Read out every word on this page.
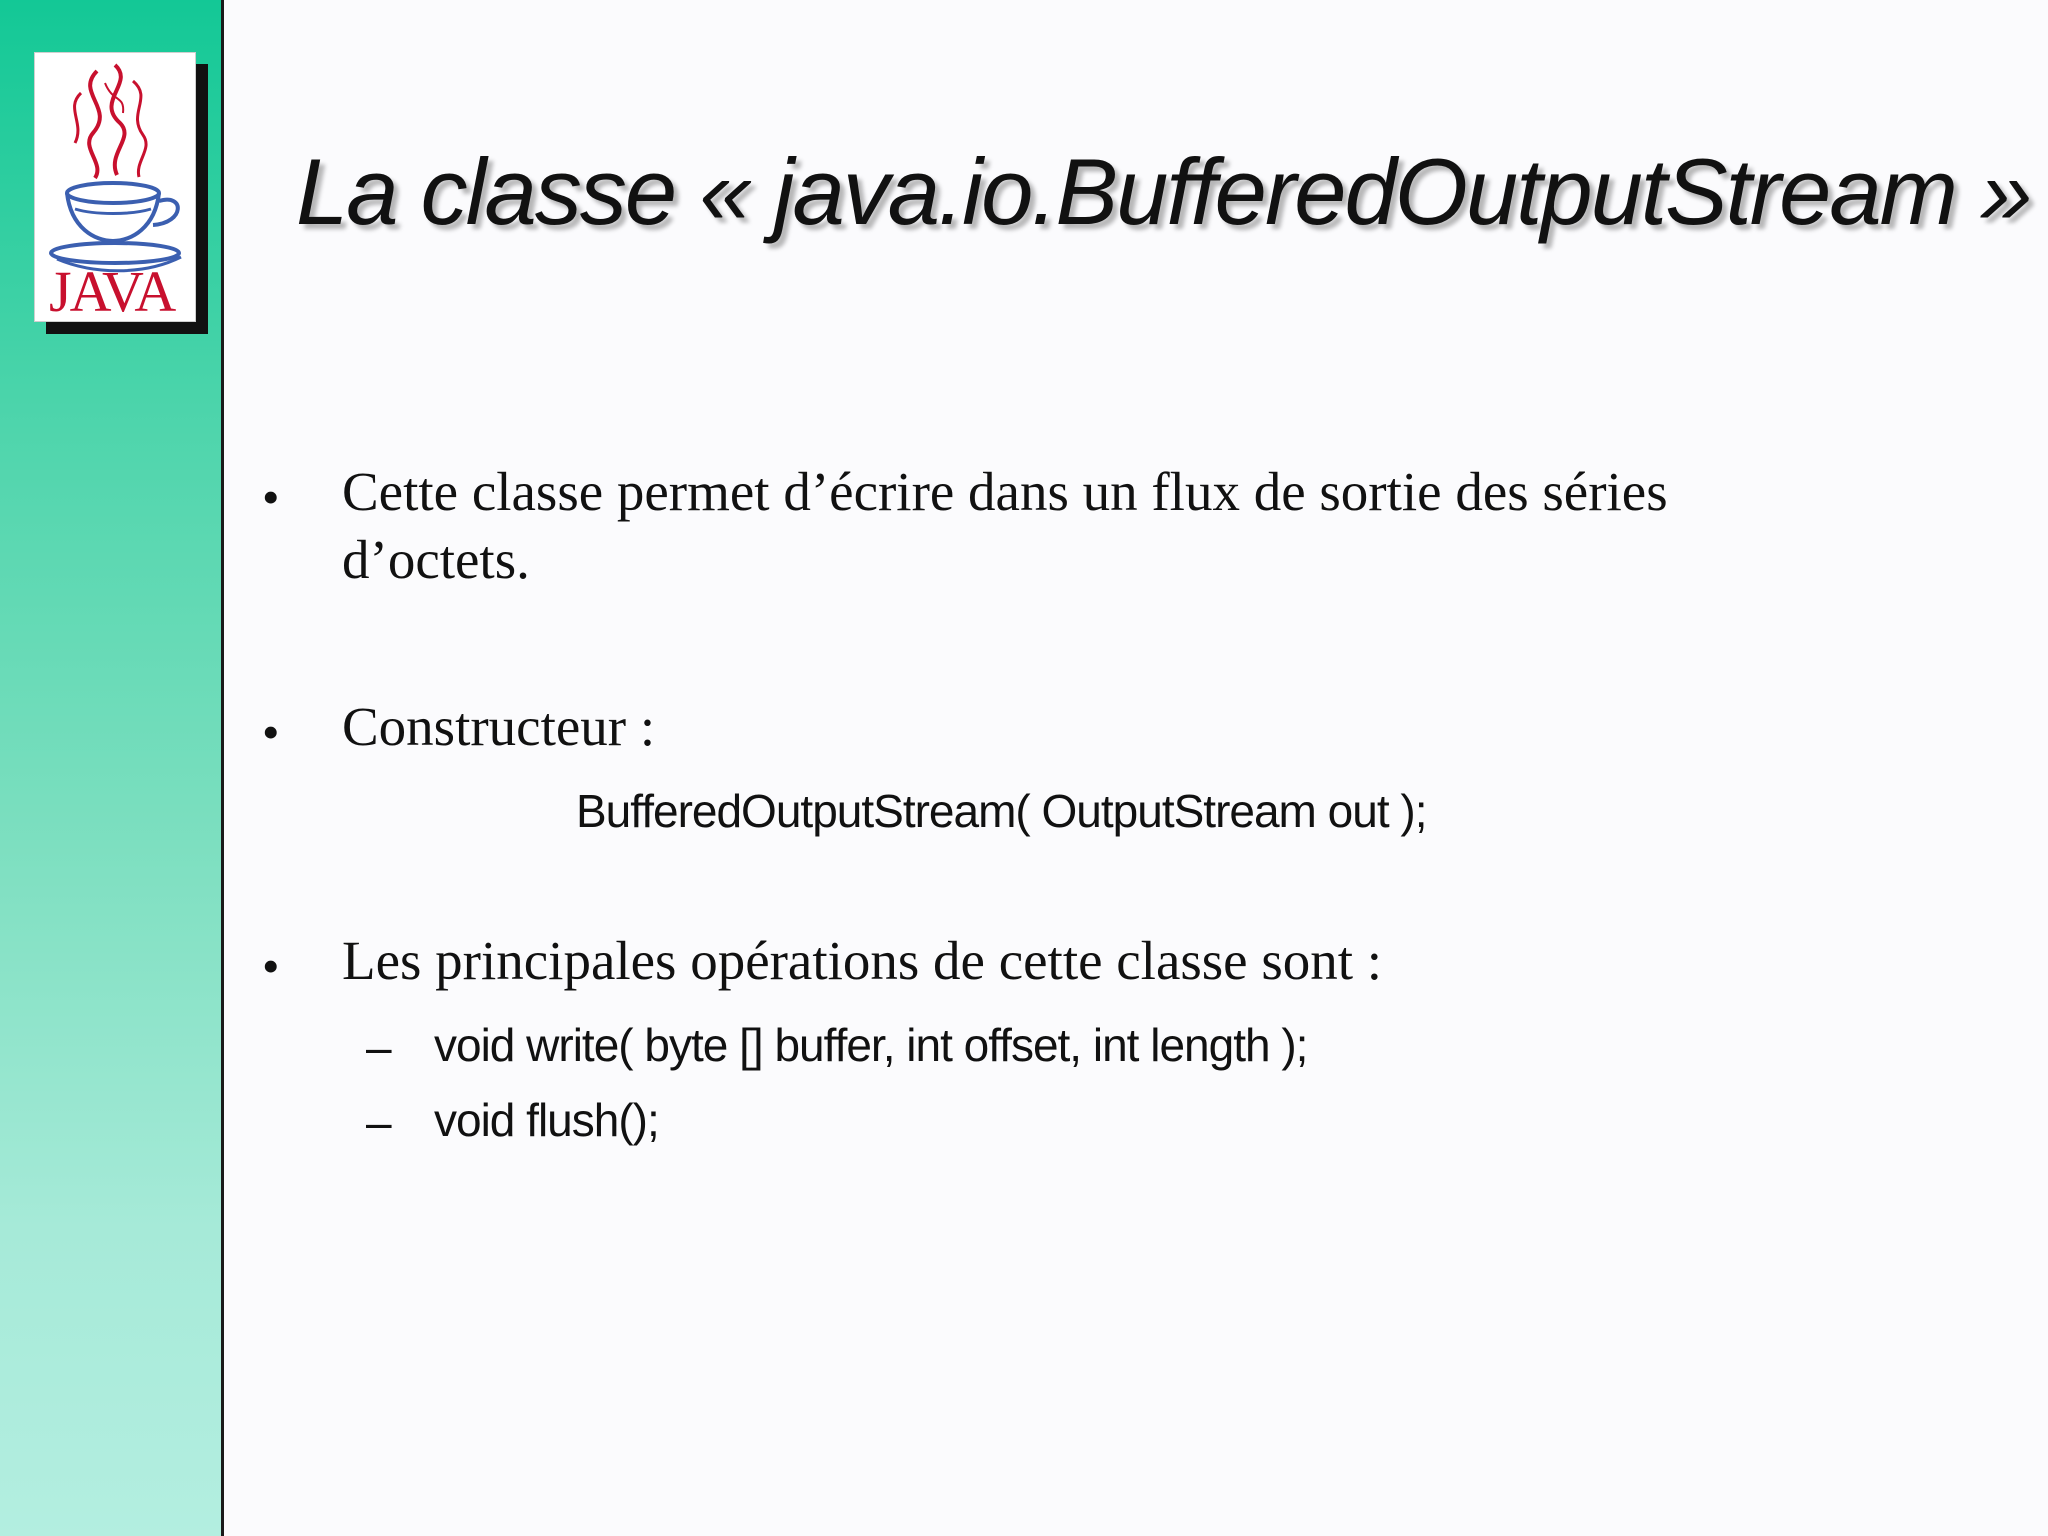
JAVA
La classe « java.io.BufferedOutputStream »
• Cette classe permet d’écrire dans un flux de sortie des séries
d’octets.
• Constructeur :
BufferedOutputStream( OutputStream out );
• Les principales opérations de cette classe sont :
– void write( byte [] buffer, int offset, int length );
– void flush();
